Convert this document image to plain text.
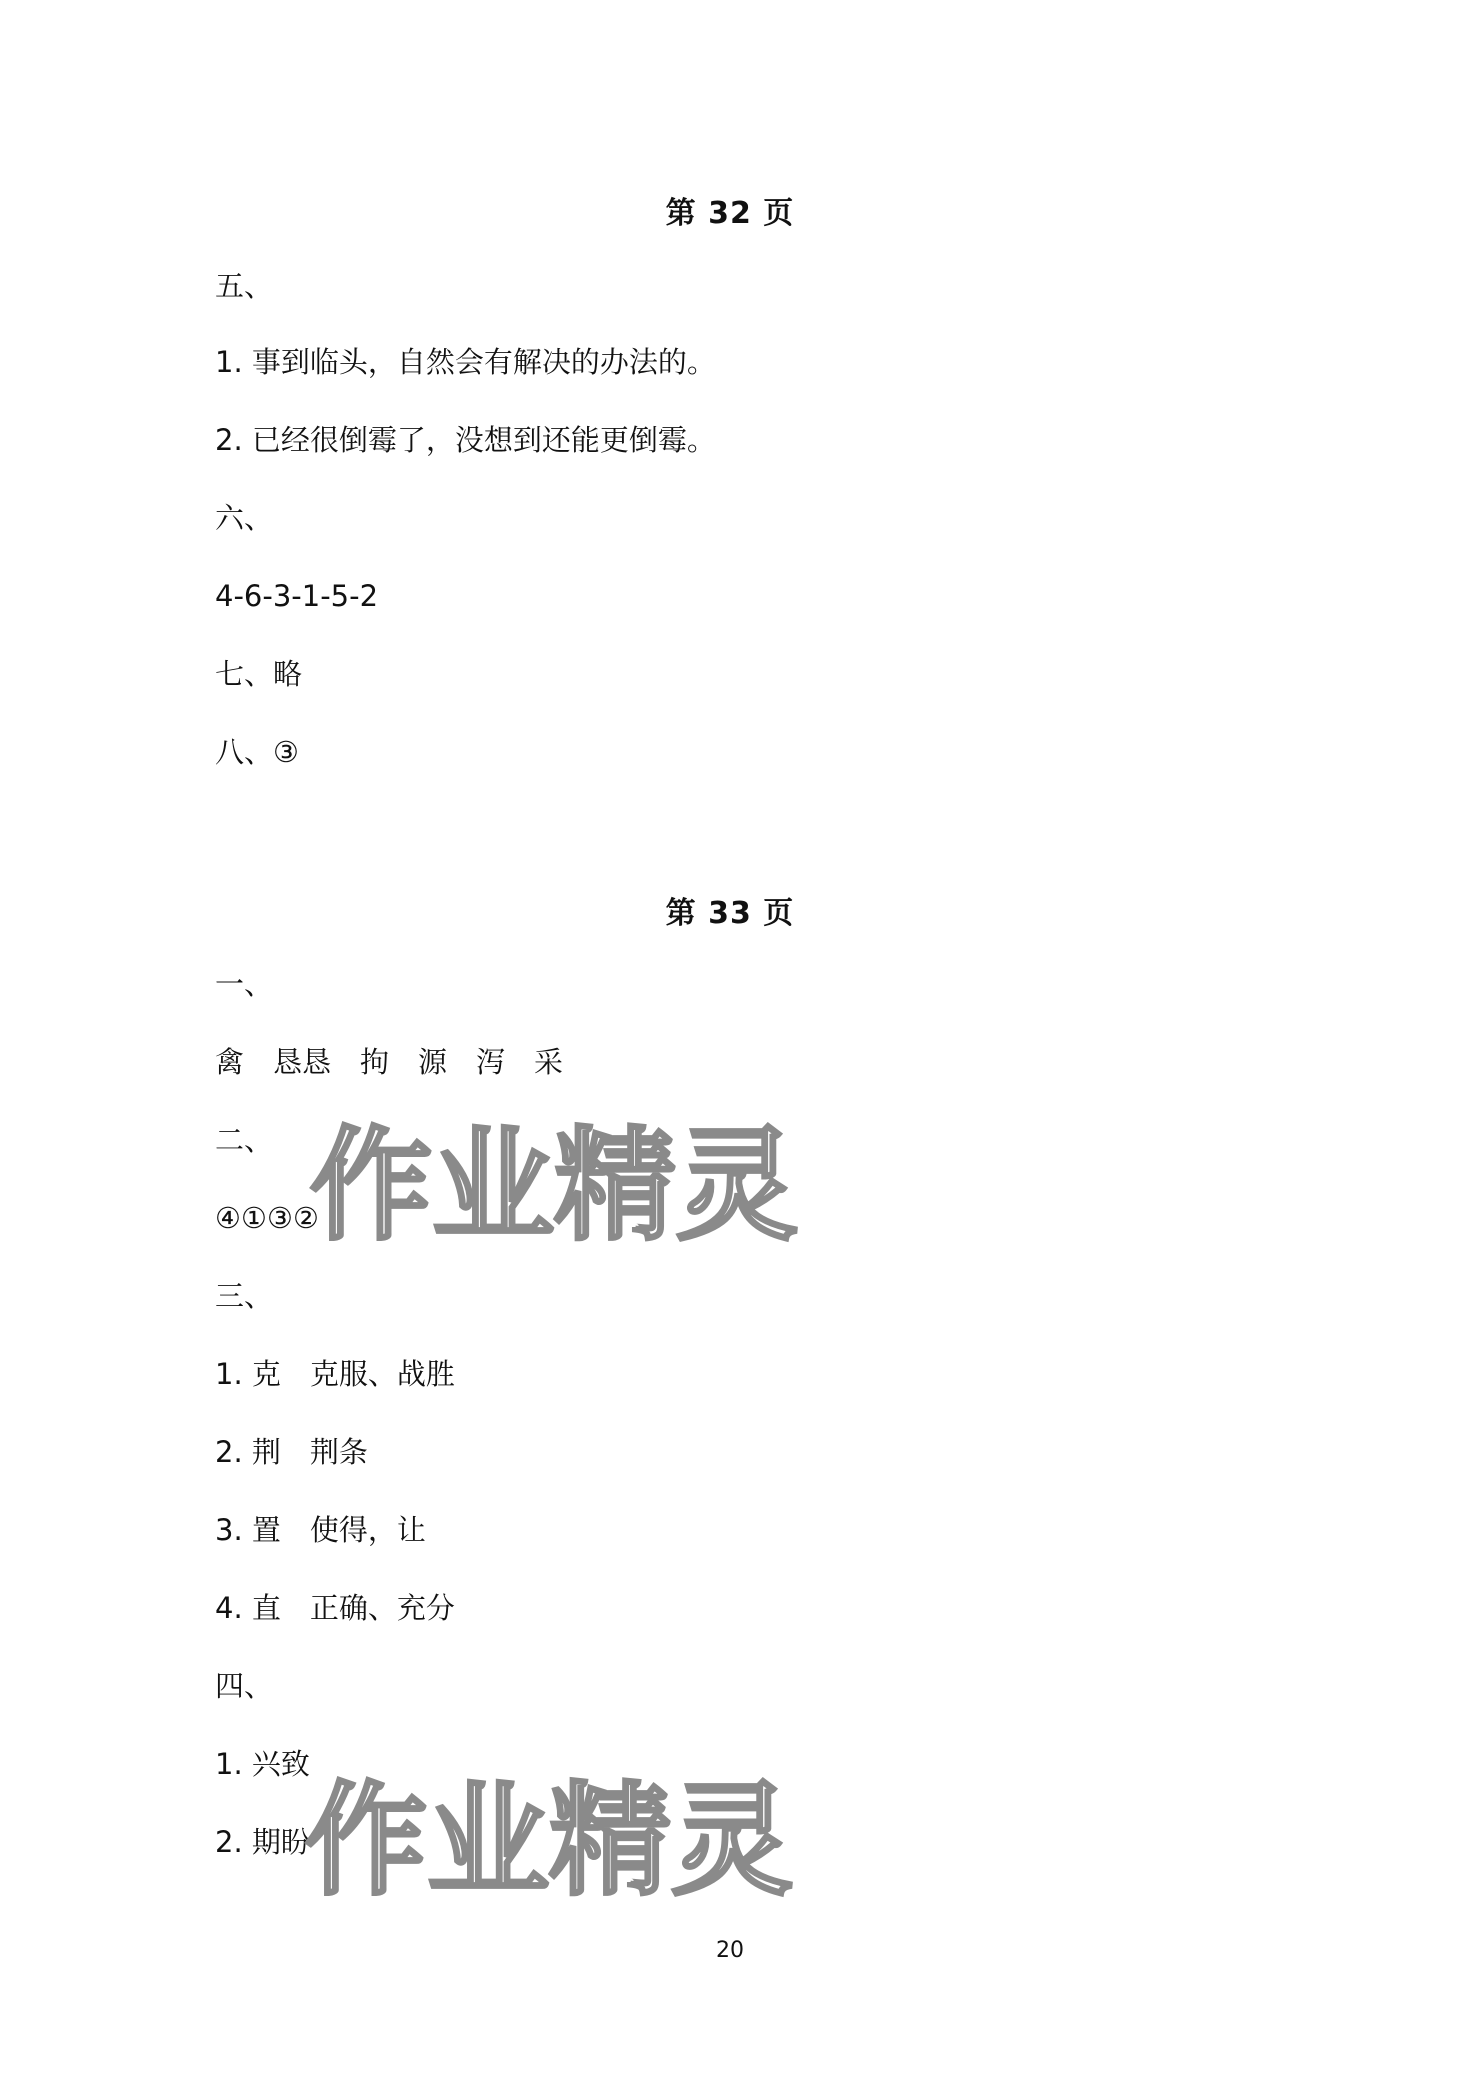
第 32 页
五、
1. 事到临头，自然会有解决的办法的。
2. 已经很倒霉了，没想到还能更倒霉。
六、
4-6-3-1-5-2
七、略
八、③
第 33 页
一、
禽　恳恳　拘　源　泻　采
二、
④①③②
三、
1. 克　克服、战胜
2. 荆　荆条
3. 置　使得，让
4. 直　正确、充分
四、
1. 兴致
2. 期盼
作业精灵
作业精灵
20
